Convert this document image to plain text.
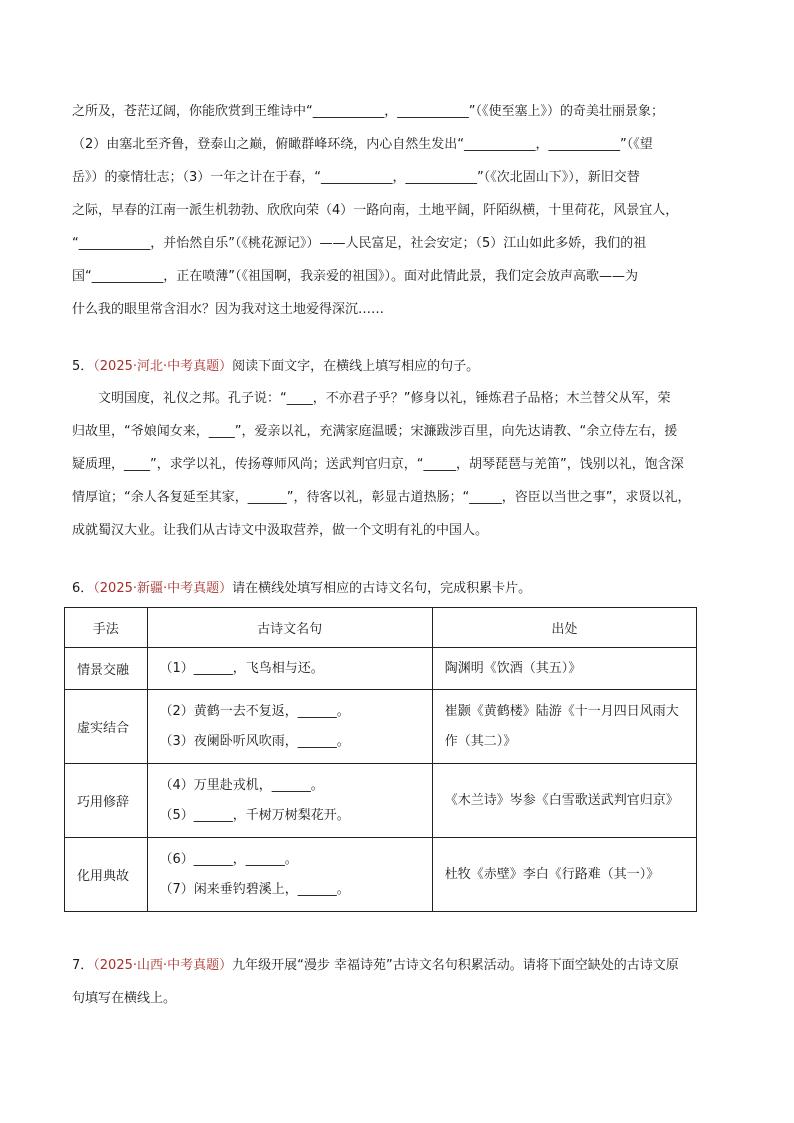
之所及，苍茫辽阔，你能欣赏到王维诗中“___________，___________”（《使至塞上》）的奇美壮丽景象；
（2）由塞北至齐鲁，登泰山之巅，俯瞰群峰环绕，内心自然生发出“___________，___________”（《望
岳》）的豪情壮志；（3）一年之计在于春，“___________，___________”（《次北固山下》），新旧交替
之际，早春的江南一派生机勃勃、欣欣向荣（4）一路向南，土地平阔，阡陌纵横，十里荷花，风景宜人，
“___________，并怡然自乐”（《桃花源记》）——人民富足，社会安定；（5）江山如此多娇，我们的祖
国“___________，正在喷薄”（《祖国啊，我亲爱的祖国》）。面对此情此景，我们定会放声高歌——为
什么我的眼里常含泪水？因为我对这土地爱得深沉……
5．（2025·河北·中考真题）阅读下面文字，在横线上填写相应的句子。
文明国度，礼仪之邦。孔子说：“____，不亦君子乎？”修身以礼，锤炼君子品格；木兰替父从军，荣
归故里，“爷娘闻女来，____”，爱亲以礼，充满家庭温暖；宋濂跋涉百里，向先达请教、“余立侍左右，援
疑质理，____”，求学以礼，传扬尊师风尚；送武判官归京，“_____，胡琴琵琶与羌笛”，饯别以礼，饱含深
情厚谊；“余人各复延至其家，______”，待客以礼，彰显古道热肠；“_____，咨臣以当世之事”，求贤以礼，
成就蜀汉大业。让我们从古诗文中汲取营养，做一个文明有礼的中国人。
6．（2025·新疆·中考真题）请在横线处填写相应的古诗文名句，完成积累卡片。
手法	古诗文名句	出处
情景交融	（1）______，飞鸟相与还。	陶渊明《饮酒（其五）》

虚实结合	（2）黄鹤一去不复返，______。
（3）夜阑卧听风吹雨，______。	崔颢《黄鹤楼》陆游《十一月四日风雨大
作（其二）》

巧用修辞	（4）万里赴戎机，______。
（5）______，千树万树梨花开。	《木兰诗》岑参《白雪歌送武判官归京》

化用典故	（6）______，______。
（7）闲来垂钓碧溪上，______。	杜牧《赤壁》李白《行路难（其一）》
7．（2025·山西·中考真题）九年级开展“漫步 幸福诗苑”古诗文名句积累活动。请将下面空缺处的古诗文原
句填写在横线上。
